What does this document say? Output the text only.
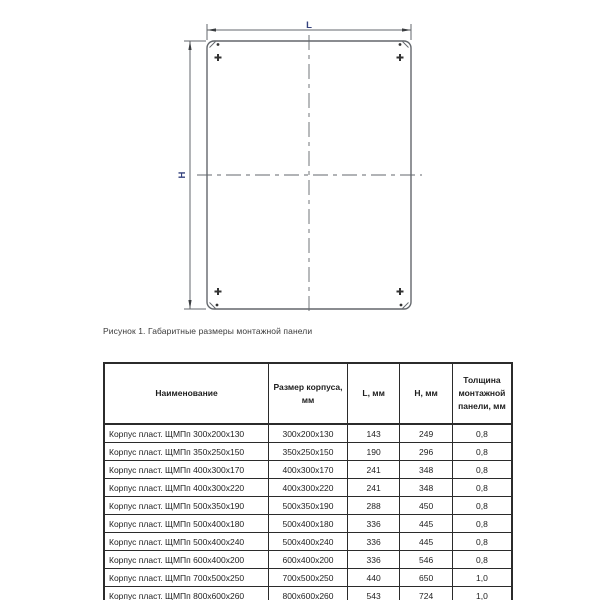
L
H
Рисунок 1. Габаритные размеры монтажной панели
Наименование	Размер корпуса, мм	L, мм	Н, мм	Толщина монтажной панели, мм
Корпус пласт. ЩМПп 300х200х130	300х200х130	143	249	0,8
Корпус пласт. ЩМПп 350х250х150	350х250х150	190	296	0,8
Корпус пласт. ЩМПп 400х300х170	400х300х170	241	348	0,8
Корпус пласт. ЩМПп 400х300х220	400х300х220	241	348	0,8
Корпус пласт. ЩМПп 500х350х190	500х350х190	288	450	0,8
Корпус пласт. ЩМПп 500х400х180	500х400х180	336	445	0,8
Корпус пласт. ЩМПп 500х400х240	500х400х240	336	445	0,8
Корпус пласт. ЩМПп 600х400х200	600х400х200	336	546	0,8
Корпус пласт. ЩМПп 700х500х250	700х500х250	440	650	1,0
Корпус пласт. ЩМПп 800х600х260	800х600х260	543	724	1,0
